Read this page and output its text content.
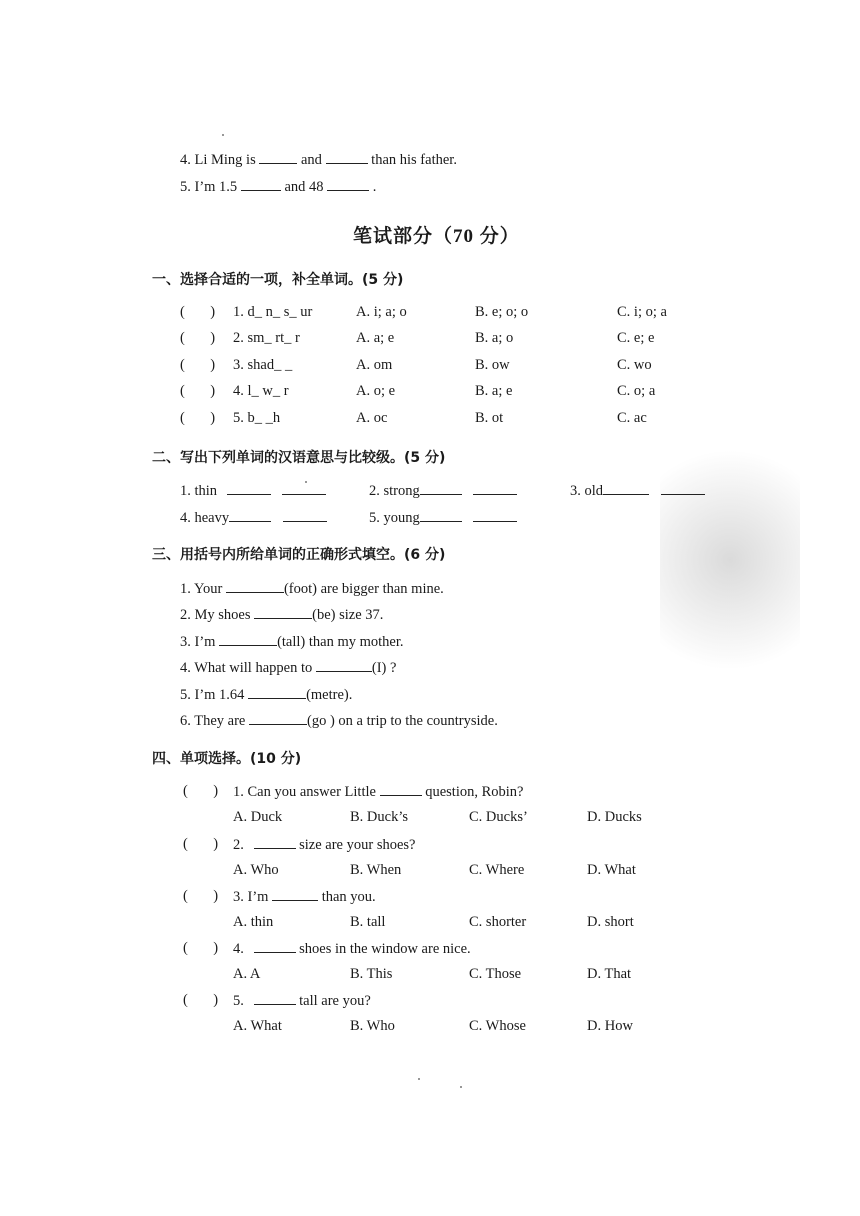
4. Li Ming is	and	than his father.
5. I’m 1.5	and 48	.
笔试部分（70 分）
一、选择合适的一项，补全单词。(5 分)
(       ) 1. d_ n_ s_ ur	A. i; a; o	B. e; o; o	C. i; o; a
(       ) 2. sm_ rt_ r	A. a; e	B. a; o	C. e; e
(       ) 3. shad_ _	A. om	B. ow	C. wo
(       ) 4. l_ w_ r	A. o; e	B. a; e	C. o; a
(       ) 5. b_ _h	A. oc	B. ot	C. ac
二、写出下列单词的汉语意思与比较级。(5 分)
1. thin	2. strong	3. old
4. heavy	5. young
三、用括号内所给单词的正确形式填空。(6 分)
1. Your	(foot) are bigger than mine.
2. My shoes	(be) size 37.
3. I’m	(tall) than my mother.
4. What will happen to	(I) ?
5. I’m 1.64	(metre).
6. They are	(go ) on a trip to the countryside.
四、单项选择。(10 分)
(       ) 1. Can you answer Little	question, Robin?
A. Duck	B. Duck’s	C. Ducks’	D. Ducks
(       ) 2.	size are your shoes?
A. Who	B. When	C. Where	D. What
(       ) 3. I’m	than you.
A. thin	B. tall	C. shorter	D. short
(       ) 4.	shoes in the window are nice.
A. A	B. This	C. Those	D. That
(       ) 5.	tall are you?
A. What	B. Who	C. Whose	D. How
